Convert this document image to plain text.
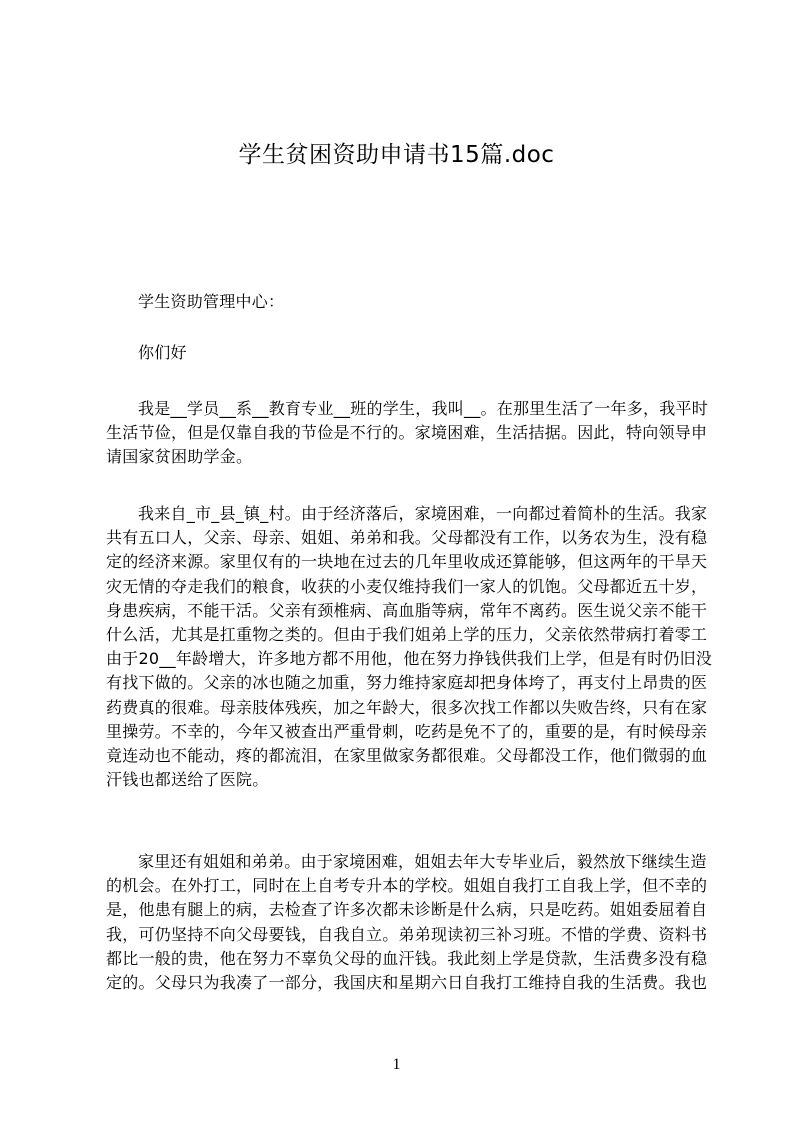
学生贫困资助申请书15篇.doc
学生资助管理中心：
你们好
我是__学员__系__教育专业__班的学生，我叫__。在那里生活了一年多，我平时
生活节俭，但是仅靠自我的节俭是不行的。家境困难，生活拮据。因此，特向领导申
请国家贫困助学金。
我来自_市_县_镇_村。由于经济落后，家境困难，一向都过着简朴的生活。我家
共有五口人，父亲、母亲、姐姐、弟弟和我。父母都没有工作，以务农为生，没有稳
定的经济来源。家里仅有的一块地在过去的几年里收成还算能够，但这两年的干旱天
灾无情的夺走我们的粮食，收获的小麦仅维持我们一家人的饥饱。父母都近五十岁，
身患疾病，不能干活。父亲有颈椎病、高血脂等病，常年不离药。医生说父亲不能干
什么活，尤其是扛重物之类的。但由于我们姐弟上学的压力，父亲依然带病打着零工
由于20__年龄增大，许多地方都不用他，他在努力挣钱供我们上学，但是有时仍旧没
有找下做的。父亲的冰也随之加重，努力维持家庭却把身体垮了，再支付上昂贵的医
药费真的很难。母亲肢体残疾，加之年龄大，很多次找工作都以失败告终，只有在家
里操劳。不幸的，今年又被查出严重骨刺，吃药是免不了的，重要的是，有时候母亲
竟连动也不能动，疼的都流泪，在家里做家务都很难。父母都没工作，他们微弱的血
汗钱也都送给了医院。
家里还有姐姐和弟弟。由于家境困难，姐姐去年大专毕业后，毅然放下继续生造
的机会。在外打工，同时在上自考专升本的学校。姐姐自我打工自我上学，但不幸的
是，他患有腿上的病，去检查了许多次都未诊断是什么病，只是吃药。姐姐委屈着自
我，可仍坚持不向父母要钱，自我自立。弟弟现读初三补习班。不惜的学费、资料书
都比一般的贵，他在努力不辜负父母的血汗钱。我此刻上学是贷款，生活费多没有稳
定的。父母只为我凑了一部分，我国庆和星期六日自我打工维持自我的生活费。我也
1
